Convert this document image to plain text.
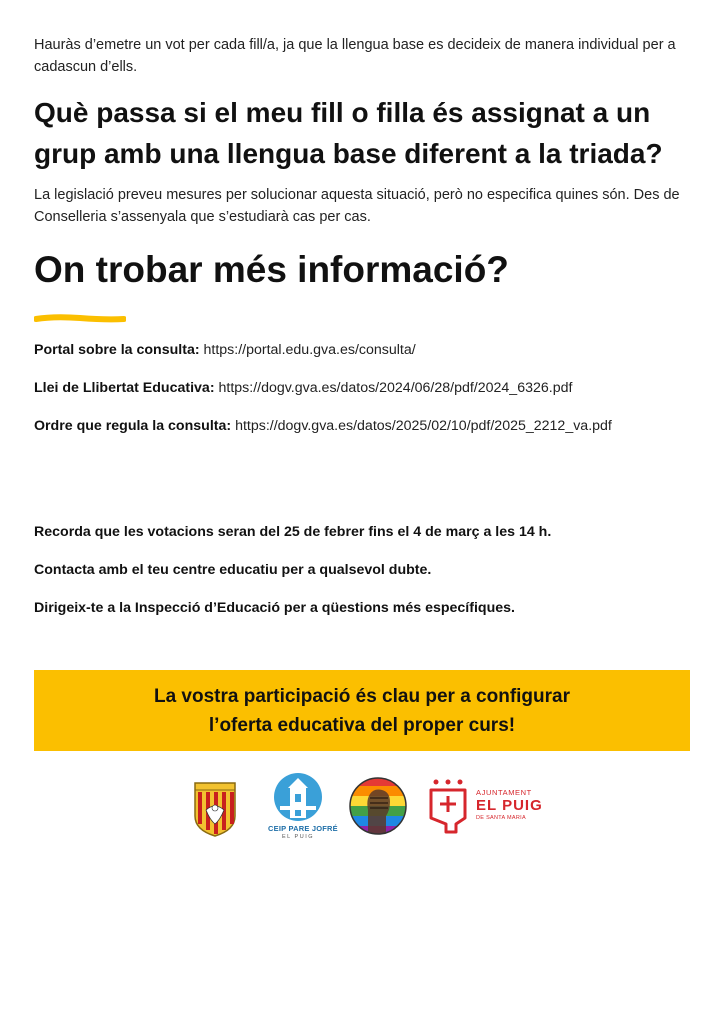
Hauràs d’emetre un vot per cada fill/a, ja que la llengua base es decideix de manera individual per a cadascun d’ells.

Què passa si el meu fill o filla és assignat a un grup amb una llengua base diferent a la triada?

La legislació preveu mesures per solucionar aquesta situació, però no especifica quines són. Des de Conselleria s’assenyala que s’estudiarà cas per cas.

On trobar més informació?

Portal sobre la consulta: https://portal.edu.gva.es/consulta/

Llei de Llibertat Educativa: https://dogv.gva.es/datos/2024/06/28/pdf/2024_6326.pdf

Ordre que regula la consulta: https://dogv.gva.es/datos/2025/02/10/pdf/2025_2212_va.pdf

Recorda que les votacions seran del 25 de febrer fins el 4 de març a les 14 h.

Contacta amb el teu centre educatiu per a qualsevol dubte.

Dirigeix-te a la Inspecció d’Educació per a qüestions més específiques.

La vostra participació és clau per a configurar l’oferta educativa del proper curs!
CEIP PARE JOFRÉ
EL PUIG
AJUNTAMENT
EL PUIG
DE SANTA MARIA
